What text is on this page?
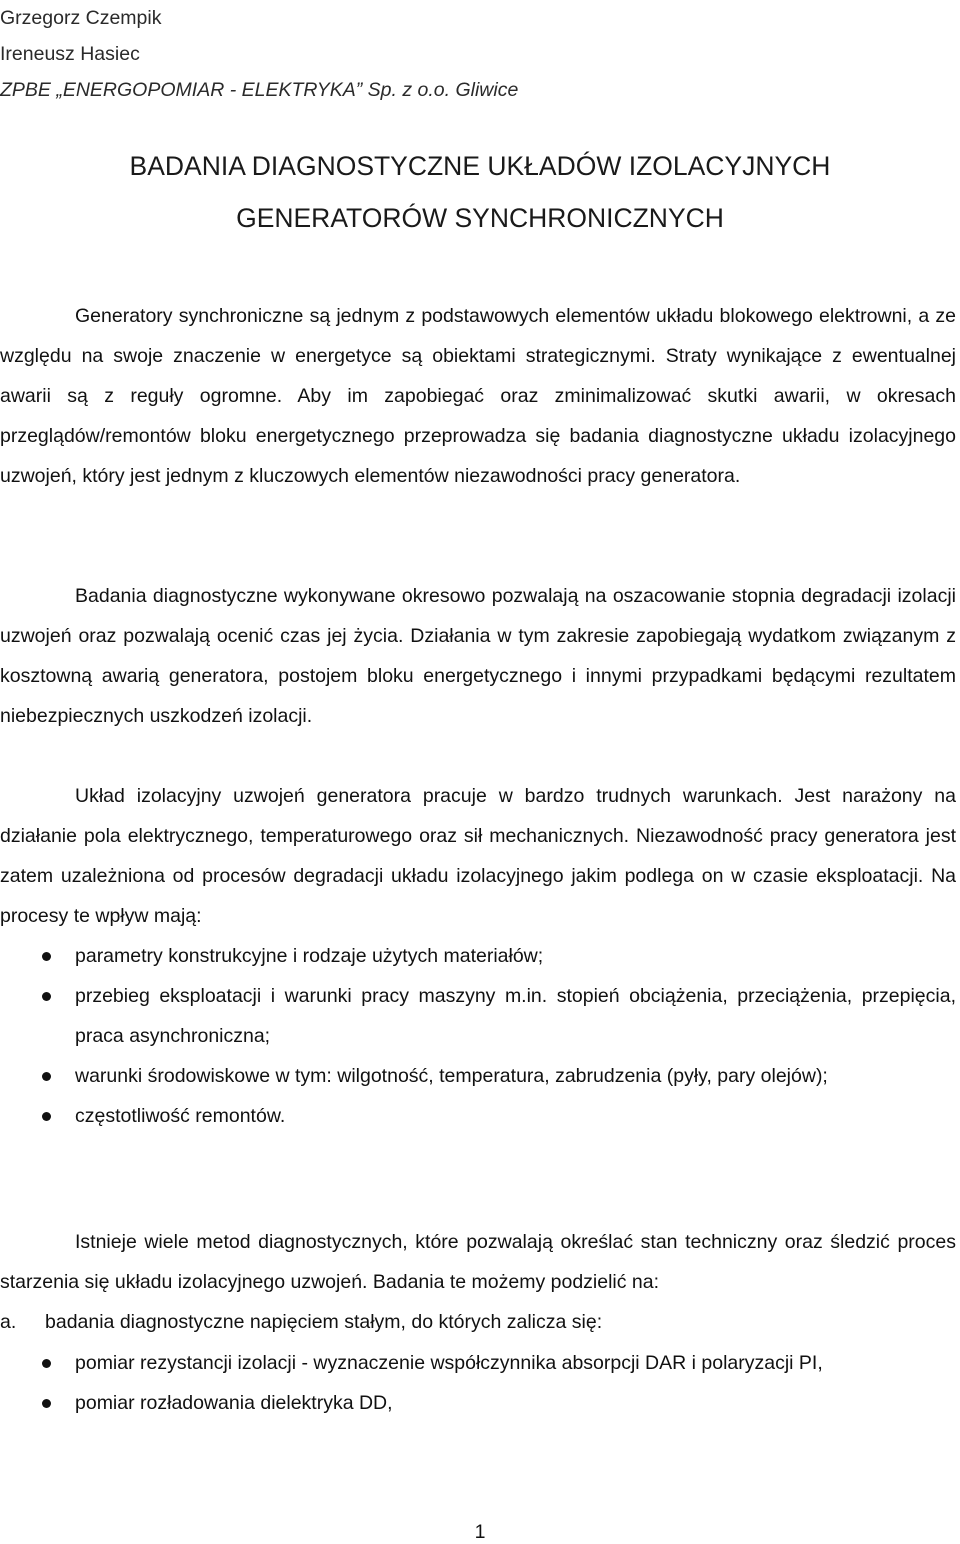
Grzegorz Czempik
Ireneusz Hasiec
ZPBE „ENERGOPOMIAR - ELEKTRYKA” Sp. z o.o. Gliwice
BADANIA DIAGNOSTYCZNE UKŁADÓW IZOLACYJNYCH
GENERATORÓW SYNCHRONICZNYCH

Generatory synchroniczne są jednym z podstawowych elementów układu blokowego elektrowni, a ze względu na swoje znaczenie w energetyce są obiektami strategicznymi. Straty wynikające z ewentualnej awarii są z reguły ogromne. Aby im zapobiegać oraz zminimalizować skutki awarii, w okresach przeglądów/remontów bloku energetycznego przeprowadza się badania diagnostyczne układu izolacyjnego uzwojeń, który jest jednym z kluczowych elementów niezawodności pracy generatora.

Badania diagnostyczne wykonywane okresowo pozwalają na oszacowanie stopnia degradacji izolacji uzwojeń oraz pozwalają ocenić czas jej życia. Działania w tym zakresie zapobiegają wydatkom związanym z kosztowną awarią generatora, postojem bloku energetycznego i innymi przypadkami będącymi rezultatem niebezpiecznych uszkodzeń izolacji.

Układ izolacyjny uzwojeń generatora pracuje w bardzo trudnych warunkach. Jest narażony na działanie pola elektrycznego, temperaturowego oraz sił mechanicznych. Niezawodność pracy generatora jest zatem uzależniona od procesów degradacji układu izolacyjnego jakim podlega on w czasie eksploatacji. Na procesy te wpływ mają:

parametry konstrukcyjne i rodzaje użytych materiałów;
przebieg eksploatacji i warunki pracy maszyny m.in. stopień obciążenia, przeciążenia, przepięcia, praca asynchroniczna;
warunki środowiskowe w tym: wilgotność, temperatura, zabrudzenia (pyły, pary olejów);
częstotliwość remontów.

Istnieje wiele metod diagnostycznych, które pozwalają określać stan techniczny oraz śledzić proces starzenia się układu izolacyjnego uzwojeń. Badania te możemy podzielić na:

a. badania diagnostyczne napięciem stałym, do których zalicza się:
pomiar rezystancji izolacji - wyznaczenie współczynnika absorpcji DAR i polaryzacji PI,
pomiar rozładowania dielektryka DD,
1
